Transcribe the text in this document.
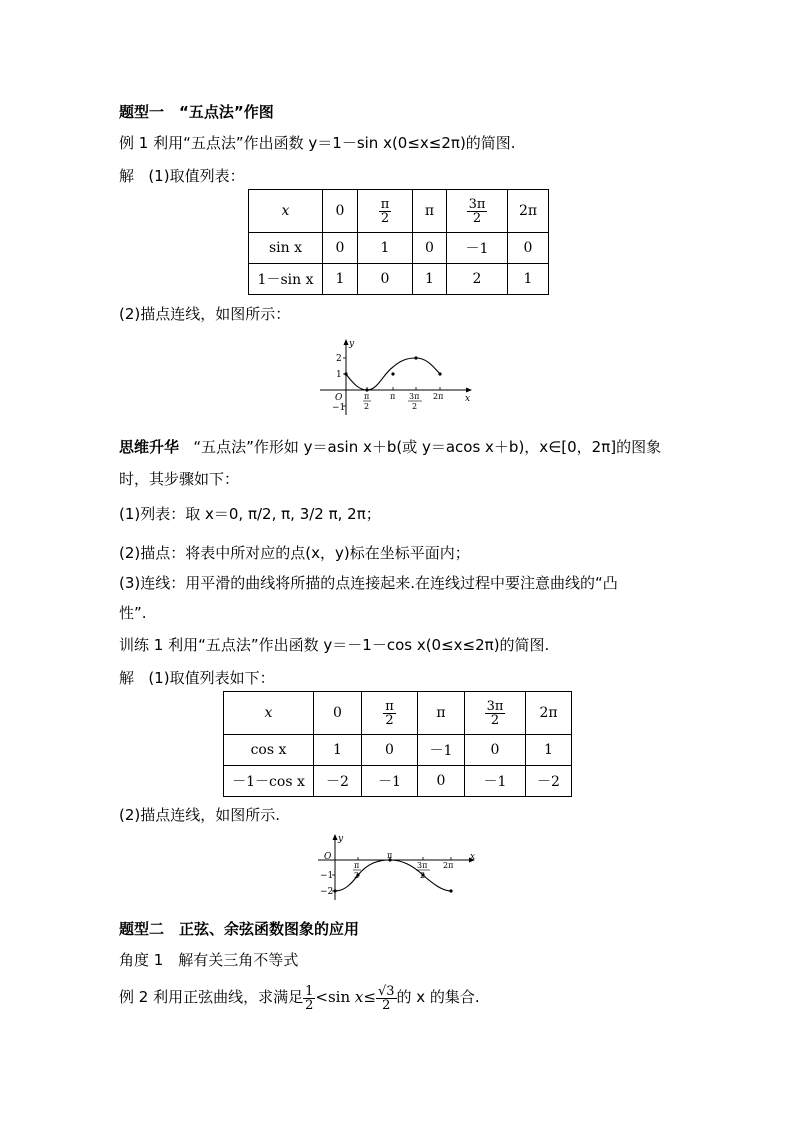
题型一　“五点法”作图
例 1 利用“五点法”作出函数 y＝1－sin x(0≤x≤2π)的简图.
解 (1)取值列表：
x	0	$\frac{\pi}{2}$	π	$\frac{3\pi}{2}$	2π
sin x	0	1	0	－1	0
1－sin x	1	0	1	2	1
(2)描点连线，如图所示：
y
x
O
2
1
−1
π
2
π 3π
2
2π
思维升华 “五点法”作形如 y＝asin x＋b(或 y＝acos x＋b)，x∈[0，2π]的图象
时，其步骤如下：
(1)列表：取 x＝0, π/2, π, 3/2 π, 2π；
(2)描点：将表中所对应的点(x，y)标在坐标平面内；
(3)连线：用平滑的曲线将所描的点连接起来.在连线过程中要注意曲线的“凸
性”.
训练 1 利用“五点法”作出函数 y＝－1－cos x(0≤x≤2π)的简图.
解 (1)取值列表如下：
x	0	$\frac{\pi}{2}$	π	$\frac{3\pi}{2}$	2π
cos x	1	0	－1	0	1
－1－cos x	－2	－1	0	－1	－2
(2)描点连线，如图所示.
y
x
O
−1
−2
π
2
π
3π
2
2π
题型二　正弦、余弦函数图象的应用
角度 1　解有关三角不等式
例 2 利用正弦曲线，求满足 $\frac{1}{2} <\sin$ $x\le \frac{√3}{2}$ 的 x 的集合.
